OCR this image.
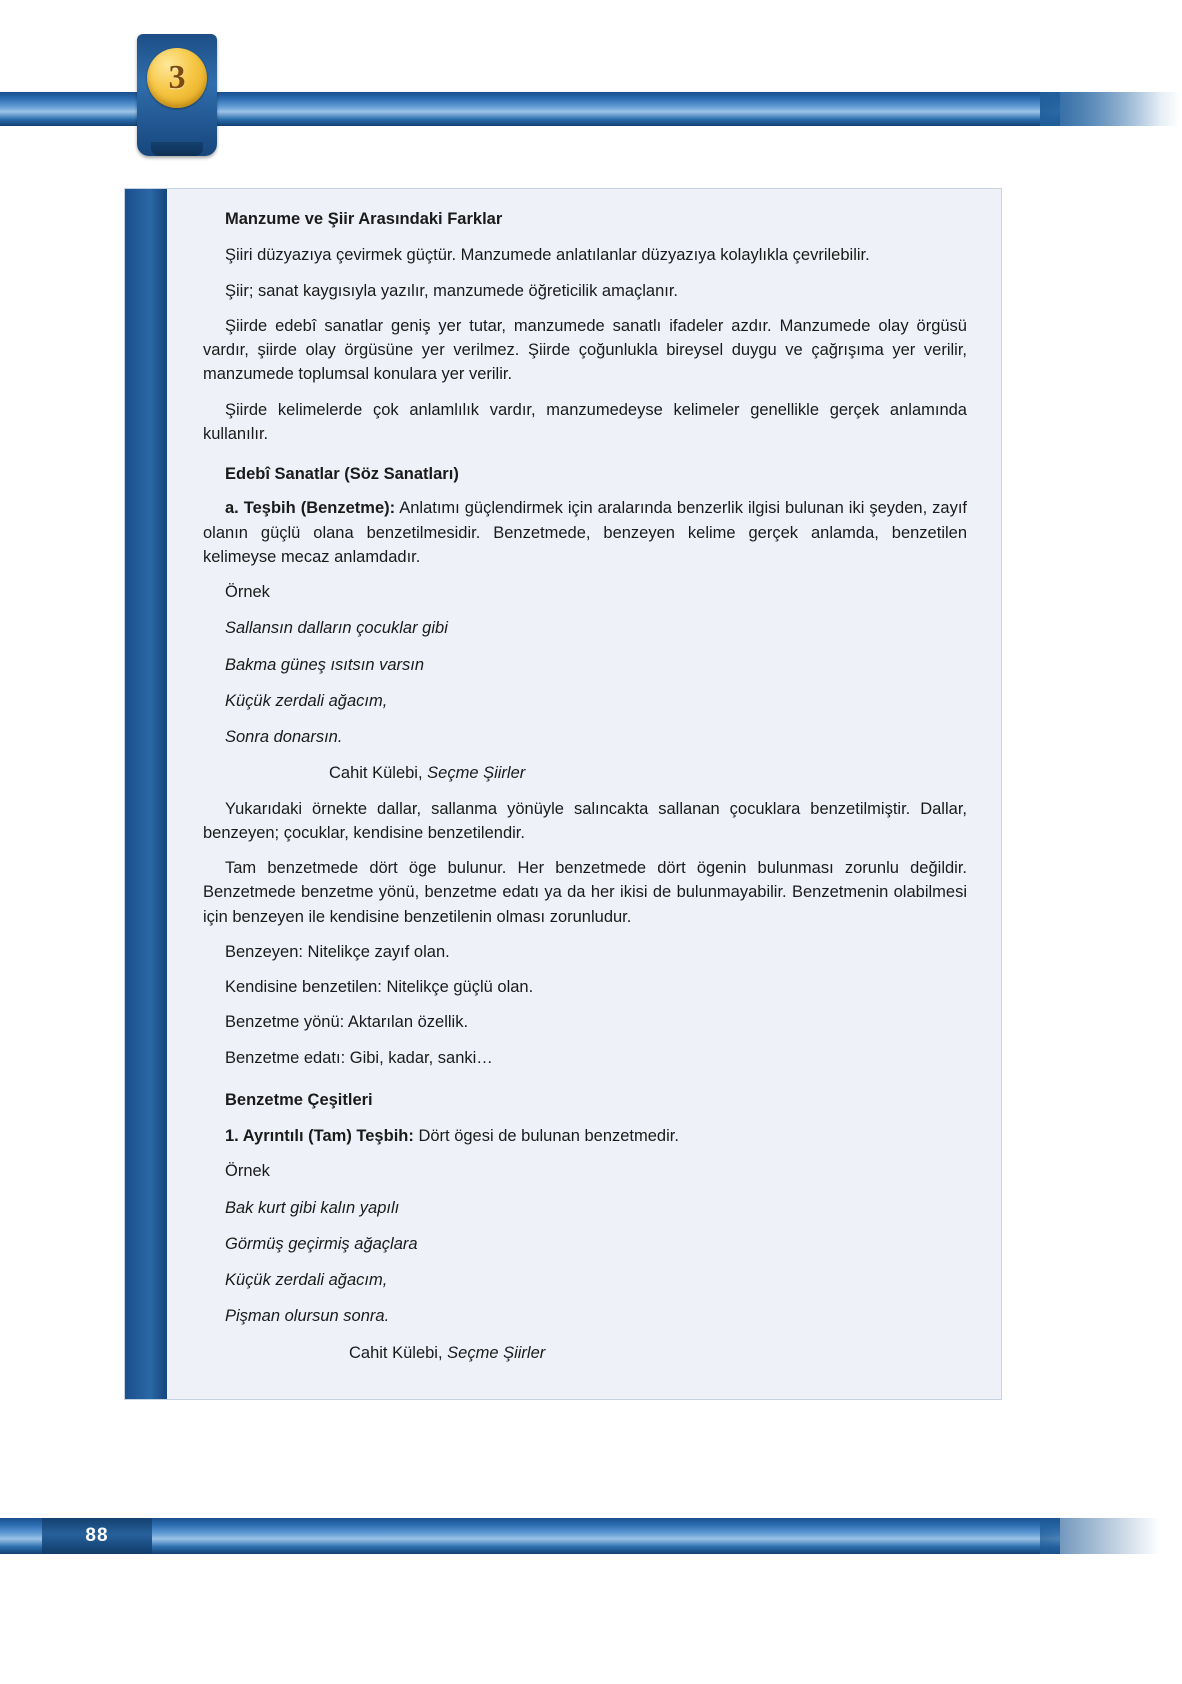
3

Manzume ve Şiir Arasındaki Farklar

Şiiri düzyazıya çevirmek güçtür. Manzumede anlatılanlar düzyazıya kolaylıkla çevrilebilir.

Şiir; sanat kaygısıyla yazılır, manzumede öğreticilik amaçlanır.

Şiirde edebî sanatlar geniş yer tutar, manzumede sanatlı ifadeler azdır. Manzumede olay örgüsü vardır, şiirde olay örgüsüne yer verilmez. Şiirde çoğunlukla bireysel duygu ve çağrışıma yer verilir, manzumede toplumsal konulara yer verilir.

Şiirde kelimelerde çok anlamlılık vardır, manzumedeyse kelimeler genellikle gerçek anlamında kullanılır.

Edebî Sanatlar (Söz Sanatları)

a. Teşbih (Benzetme): Anlatımı güçlendirmek için aralarında benzerlik ilgisi bulunan iki şeyden, zayıf olanın güçlü olana benzetilmesidir. Benzetmede, benzeyen kelime gerçek anlamda, benzetilen kelimeyse mecaz anlamdadır.

Örnek

Sallansın dalların çocuklar gibi

Bakma güneş ısıtsın varsın

Küçük zerdali ağacım,

Sonra donarsın.

Cahit Külebi, Seçme Şiirler

Yukarıdaki örnekte dallar, sallanma yönüyle salıncakta sallanan çocuklara benzetilmiştir. Dallar, benzeyen; çocuklar, kendisine benzetilendir.

Tam benzetmede dört öge bulunur. Her benzetmede dört ögenin bulunması zorunlu değildir. Benzetmede benzetme yönü, benzetme edatı ya da her ikisi de bulunmayabilir. Benzetmenin olabilmesi için benzeyen ile kendisine benzetilenin olması zorunludur.

Benzeyen: Nitelikçe zayıf olan.

Kendisine benzetilen: Nitelikçe güçlü olan.

Benzetme yönü: Aktarılan özellik.

Benzetme edatı: Gibi, kadar, sanki…

Benzetme Çeşitleri

1. Ayrıntılı (Tam) Teşbih: Dört ögesi de bulunan benzetmedir.

Örnek

Bak kurt gibi kalın yapılı

Görmüş geçirmiş ağaçlara

Küçük zerdali ağacım,

Pişman olursun sonra.

Cahit Külebi, Seçme Şiirler

88
